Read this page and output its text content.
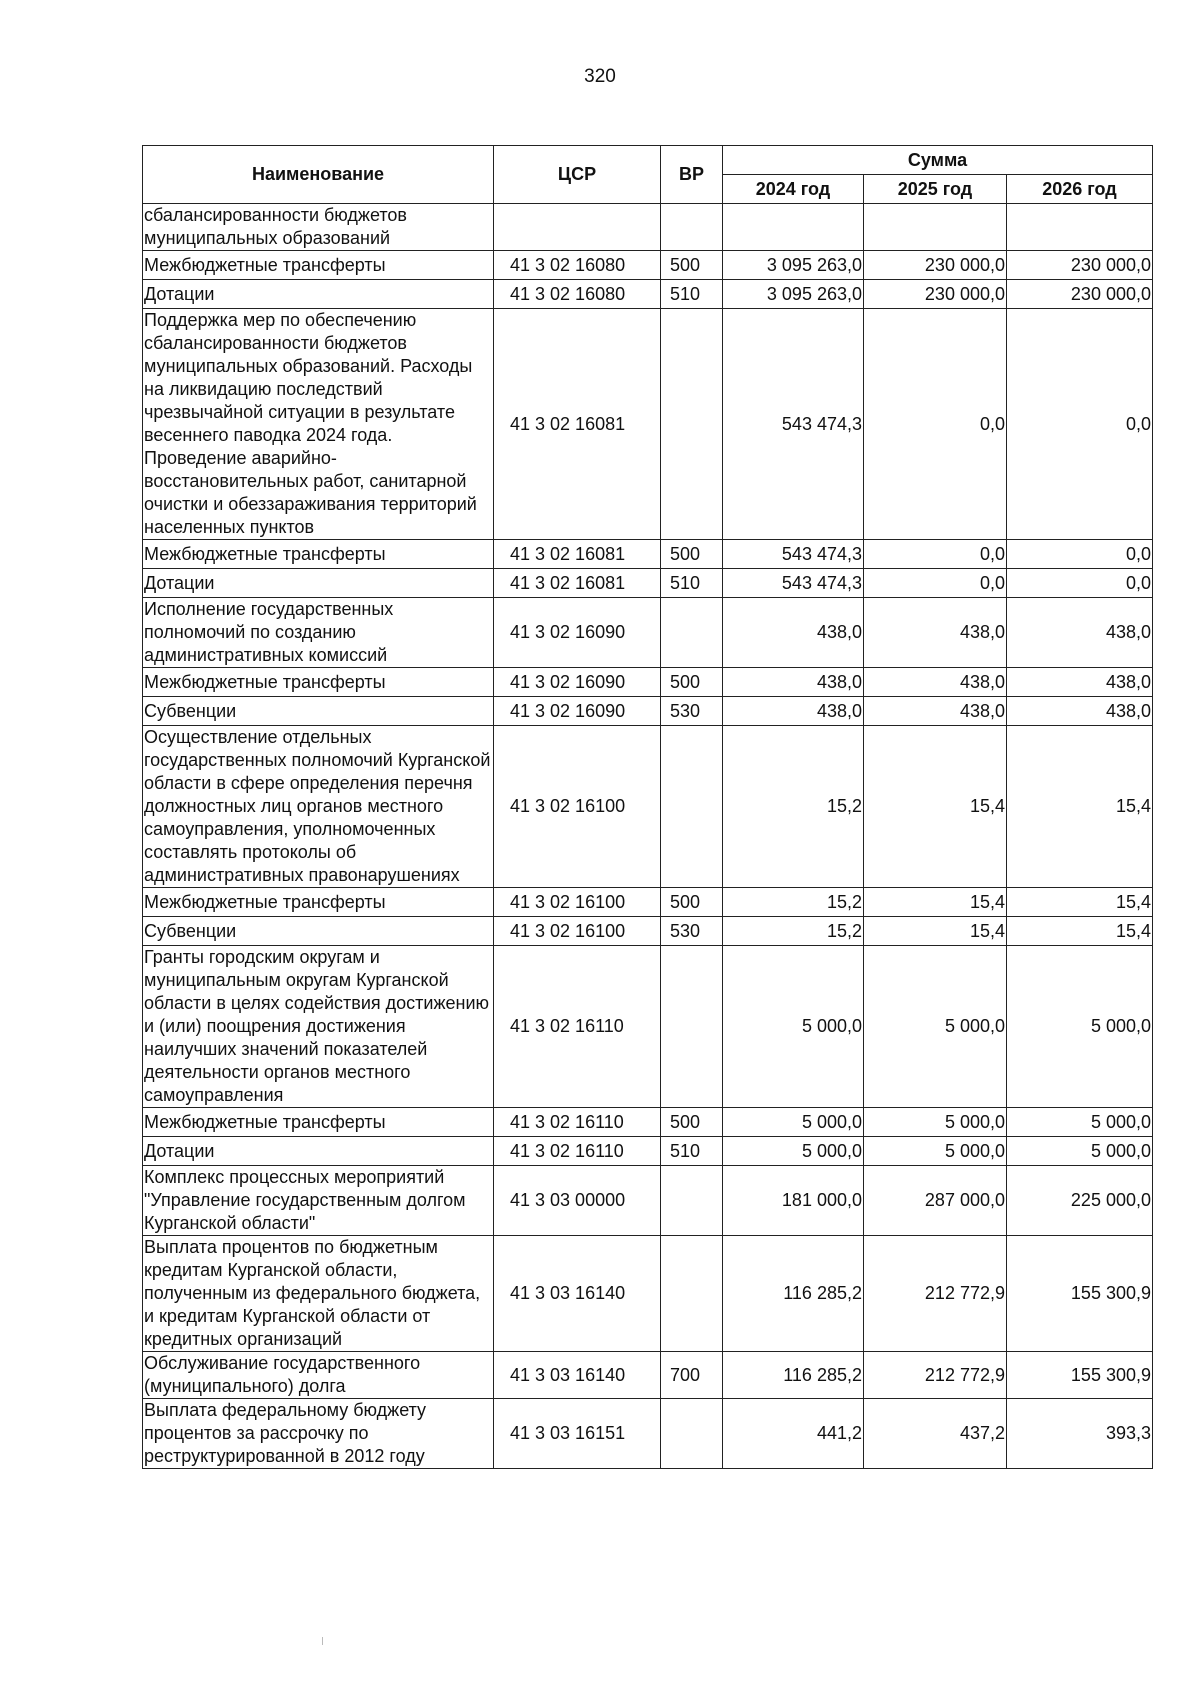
320
Наименование	ЦСР	ВР	Сумма		
			2024 год	2025 год	2026 год
сбалансированности бюджетов муниципальных образований					
Межбюджетные трансферты	41 3 02 16080	500	3 095 263,0	230 000,0	230 000,0
Дотации	41 3 02 16080	510	3 095 263,0	230 000,0	230 000,0
Поддержка мер по обеспечению сбалансированности бюджетов муниципальных образований. Расходы на ликвидацию последствий чрезвычайной ситуации в результате весеннего паводка 2024 года. Проведение аварийно-восстановительных работ, санитарной очистки и обеззараживания территорий населенных пунктов	41 3 02 16081		543 474,3	0,0	0,0
Межбюджетные трансферты	41 3 02 16081	500	543 474,3	0,0	0,0
Дотации	41 3 02 16081	510	543 474,3	0,0	0,0
Исполнение государственных полномочий по созданию административных комиссий	41 3 02 16090		438,0	438,0	438,0
Межбюджетные трансферты	41 3 02 16090	500	438,0	438,0	438,0
Субвенции	41 3 02 16090	530	438,0	438,0	438,0
Осуществление отдельных государственных полномочий Курганской области в сфере определения перечня должностных лиц органов местного самоуправления, уполномоченных составлять протоколы об административных правонарушениях	41 3 02 16100		15,2	15,4	15,4
Межбюджетные трансферты	41 3 02 16100	500	15,2	15,4	15,4
Субвенции	41 3 02 16100	530	15,2	15,4	15,4
Гранты городским округам и муниципальным округам Курганской области в целях содействия достижению и (или) поощрения достижения наилучших значений показателей деятельности органов местного самоуправления	41 3 02 16110		5 000,0	5 000,0	5 000,0
Межбюджетные трансферты	41 3 02 16110	500	5 000,0	5 000,0	5 000,0
Дотации	41 3 02 16110	510	5 000,0	5 000,0	5 000,0
Комплекс процессных мероприятий "Управление государственным долгом Курганской области"	41 3 03 00000		181 000,0	287 000,0	225 000,0
Выплата процентов по бюджетным кредитам Курганской области, полученным из федерального бюджета, и кредитам Курганской области от кредитных организаций	41 3 03 16140		116 285,2	212 772,9	155 300,9
Обслуживание государственного (муниципального) долга	41 3 03 16140	700	116 285,2	212 772,9	155 300,9
Выплата федеральному бюджету процентов за рассрочку по реструктурированной в 2012 году	41 3 03 16151		441,2	437,2	393,3
